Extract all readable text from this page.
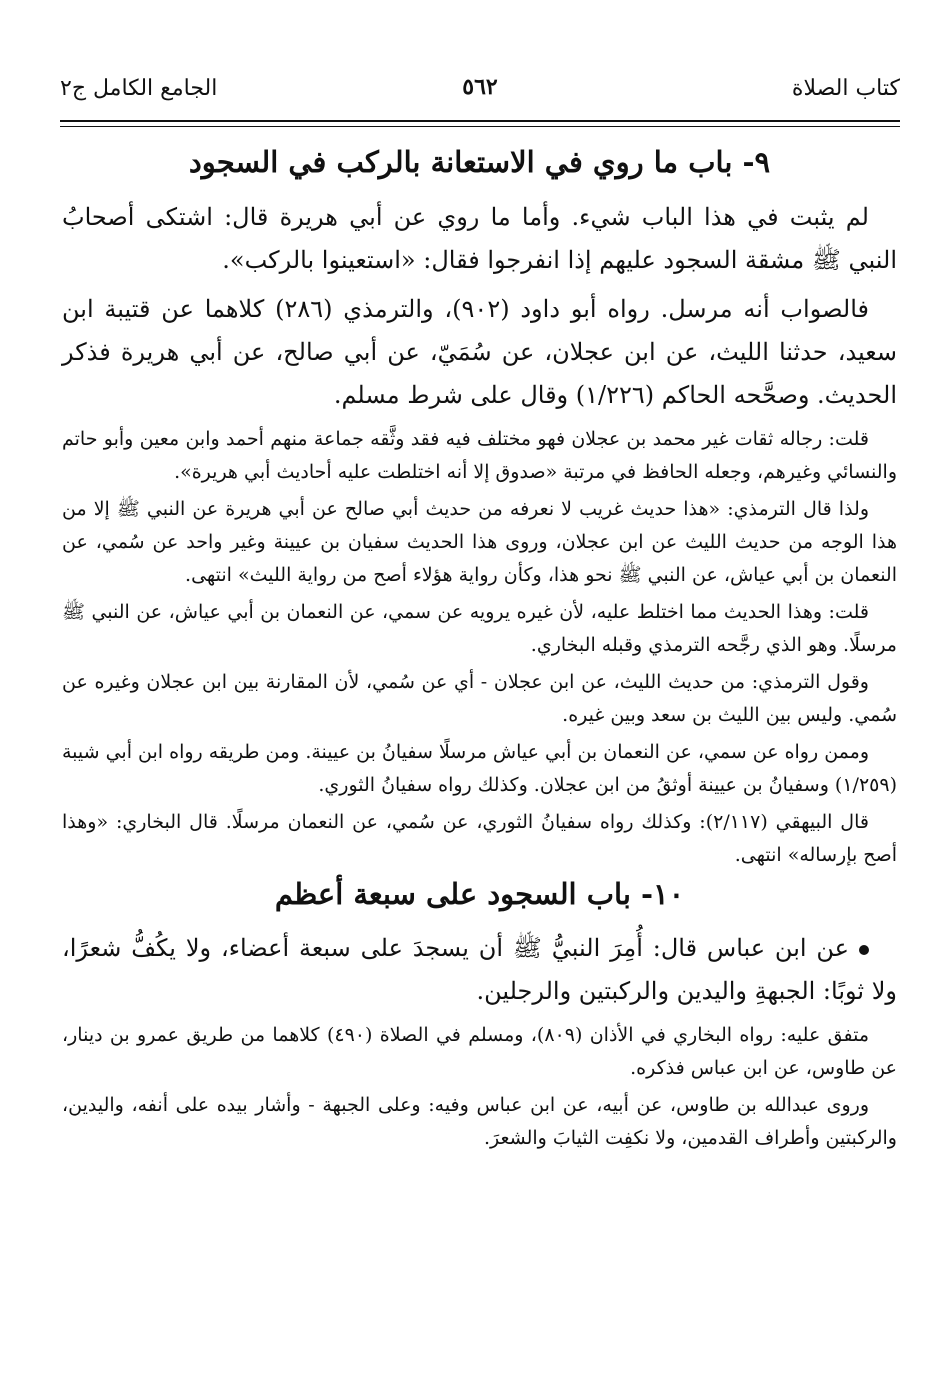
كتاب الصلاة
٥٦٢
الجامع الكامل ج٢
٩- باب ما روي في الاستعانة بالركب في السجود

لم يثبت في هذا الباب شيء. وأما ما روي عن أبي هريرة قال: اشتكى أصحابُ النبي ﷺ مشقة السجود عليهم إذا انفرجوا فقال: «استعينوا بالركب».

فالصواب أنه مرسل. رواه أبو داود (٩٠٢)، والترمذي (٢٨٦) كلاهما عن قتيبة ابن سعيد، حدثنا الليث، عن ابن عجلان، عن سُمَيّ، عن أبي صالح، عن أبي هريرة فذكر الحديث. وصحَّحه الحاكم (١/٢٢٦) وقال على شرط مسلم.

قلت: رجاله ثقات غير محمد بن عجلان فهو مختلف فيه فقد وثَّقه جماعة منهم أحمد وابن معين وأبو حاتم والنسائي وغيرهم، وجعله الحافظ في مرتبة «صدوق إلا أنه اختلطت عليه أحاديث أبي هريرة».

ولذا قال الترمذي: «هذا حديث غريب لا نعرفه من حديث أبي صالح عن أبي هريرة عن النبي ﷺ إلا من هذا الوجه من حديث الليث عن ابن عجلان، وروى هذا الحديث سفيان بن عيينة وغير واحد عن سُمي، عن النعمان بن أبي عياش، عن النبي ﷺ نحو هذا، وكأن رواية هؤلاء أصح من رواية الليث» انتهى.

قلت: وهذا الحديث مما اختلط عليه، لأن غيره يرويه عن سمي، عن النعمان بن أبي عياش، عن النبي ﷺ مرسلًا. وهو الذي رجَّحه الترمذي وقبله البخاري.

وقول الترمذي: من حديث الليث، عن ابن عجلان - أي عن سُمي، لأن المقارنة بين ابن عجلان وغيره عن سُمي. وليس بين الليث بن سعد وبين غيره.

وممن رواه عن سمي، عن النعمان بن أبي عياش مرسلًا سفيانُ بن عيينة. ومن طريقه رواه ابن أبي شيبة (١/٢٥٩) وسفيانُ بن عيينة أوثقُ من ابن عجلان. وكذلك رواه سفيانُ الثوري.

قال البيهقي (٢/١١٧): وكذلك رواه سفيانُ الثوري، عن سُمي، عن النعمان مرسلًا. قال البخاري: «وهذا أصح بإرساله» انتهى.

١٠- باب السجود على سبعة أعظم

عن ابن عباس قال: أُمِرَ النبيُّ ﷺ أن يسجدَ على سبعة أعضاء، ولا يكُفُّ شعرًا، ولا ثوبًا: الجبهةِ واليدين والركبتين والرجلين.

متفق عليه: رواه البخاري في الأذان (٨٠٩)، ومسلم في الصلاة (٤٩٠) كلاهما من طريق عمرو بن دينار، عن طاوس، عن ابن عباس فذكره.

وروى عبدالله بن طاوس، عن أبيه، عن ابن عباس وفيه: وعلى الجبهة - وأشار بيده على أنفه، واليدين، والركبتين وأطراف القدمين، ولا نكفِت الثيابَ والشعرَ.
